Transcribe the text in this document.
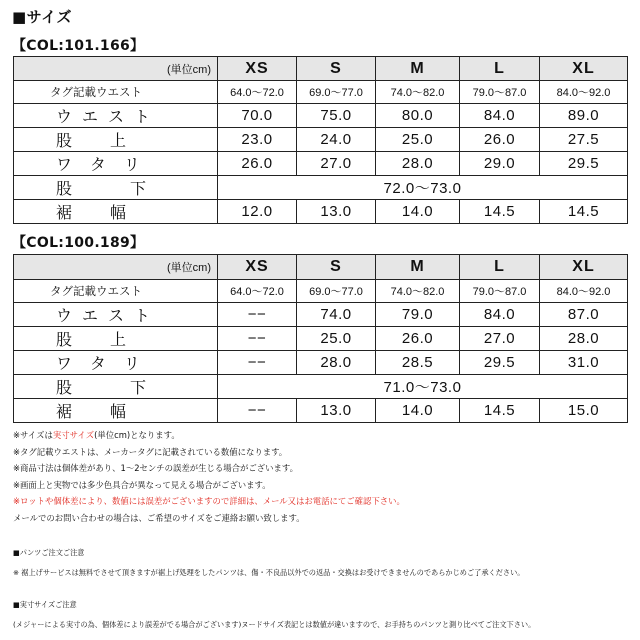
■サイズ
【COL:101.166】
(単位cm)	XS	S	M	L	XL
タグ記載ウエスト	64.0〜72.0	69.0〜77.0	74.0〜82.0	79.0〜87.0	84.0〜92.0
ウエスト	70.0	75.0	80.0	84.0	89.0
股上	23.0	24.0	25.0	26.0	27.5
ワタリ	26.0	27.0	28.0	29.0	29.5
股下	72.0〜73.0				
裾幅	12.0	13.0	14.0	14.5	14.5
【COL:100.189】
(単位cm)	XS	S	M	L	XL
タグ記載ウエスト	64.0〜72.0	69.0〜77.0	74.0〜82.0	79.0〜87.0	84.0〜92.0
ウエスト	−−	74.0	79.0	84.0	87.0
股上	−−	25.0	26.0	27.0	28.0
ワタリ	−−	28.0	28.5	29.5	31.0
股下	71.0〜73.0				
裾幅	−−	13.0	14.0	14.5	15.0
※サイズは実寸サイズ(単位cm)となります。
※タグ記載ウエストは、メーカータグに記載されている数値になります。
※商品寸法は個体差があり、1〜2センチの誤差が生じる場合がございます。
※画面上と実物では多少色具合が異なって見える場合がございます。
※ロットや個体差により、数値には誤差がございますので詳細は、メール又はお電話にてご確認下さい。
メールでのお問い合わせの場合は、ご希望のサイズをご連絡お願い致します。
■パンツご注文ご注意
※ 裾上げサービスは無料でさせて頂きますが裾上げ処理をしたパンツは、傷・不良品以外での返品・交換はお受けできませんのであらかじめご了承ください。
■実寸サイズご注意
(メジャーによる実寸の為、個体差により誤差がでる場合がございます)ヌードサイズ表記とは数値が違いますので、お手持ちのパンツと測り比べてご注文下さい。
